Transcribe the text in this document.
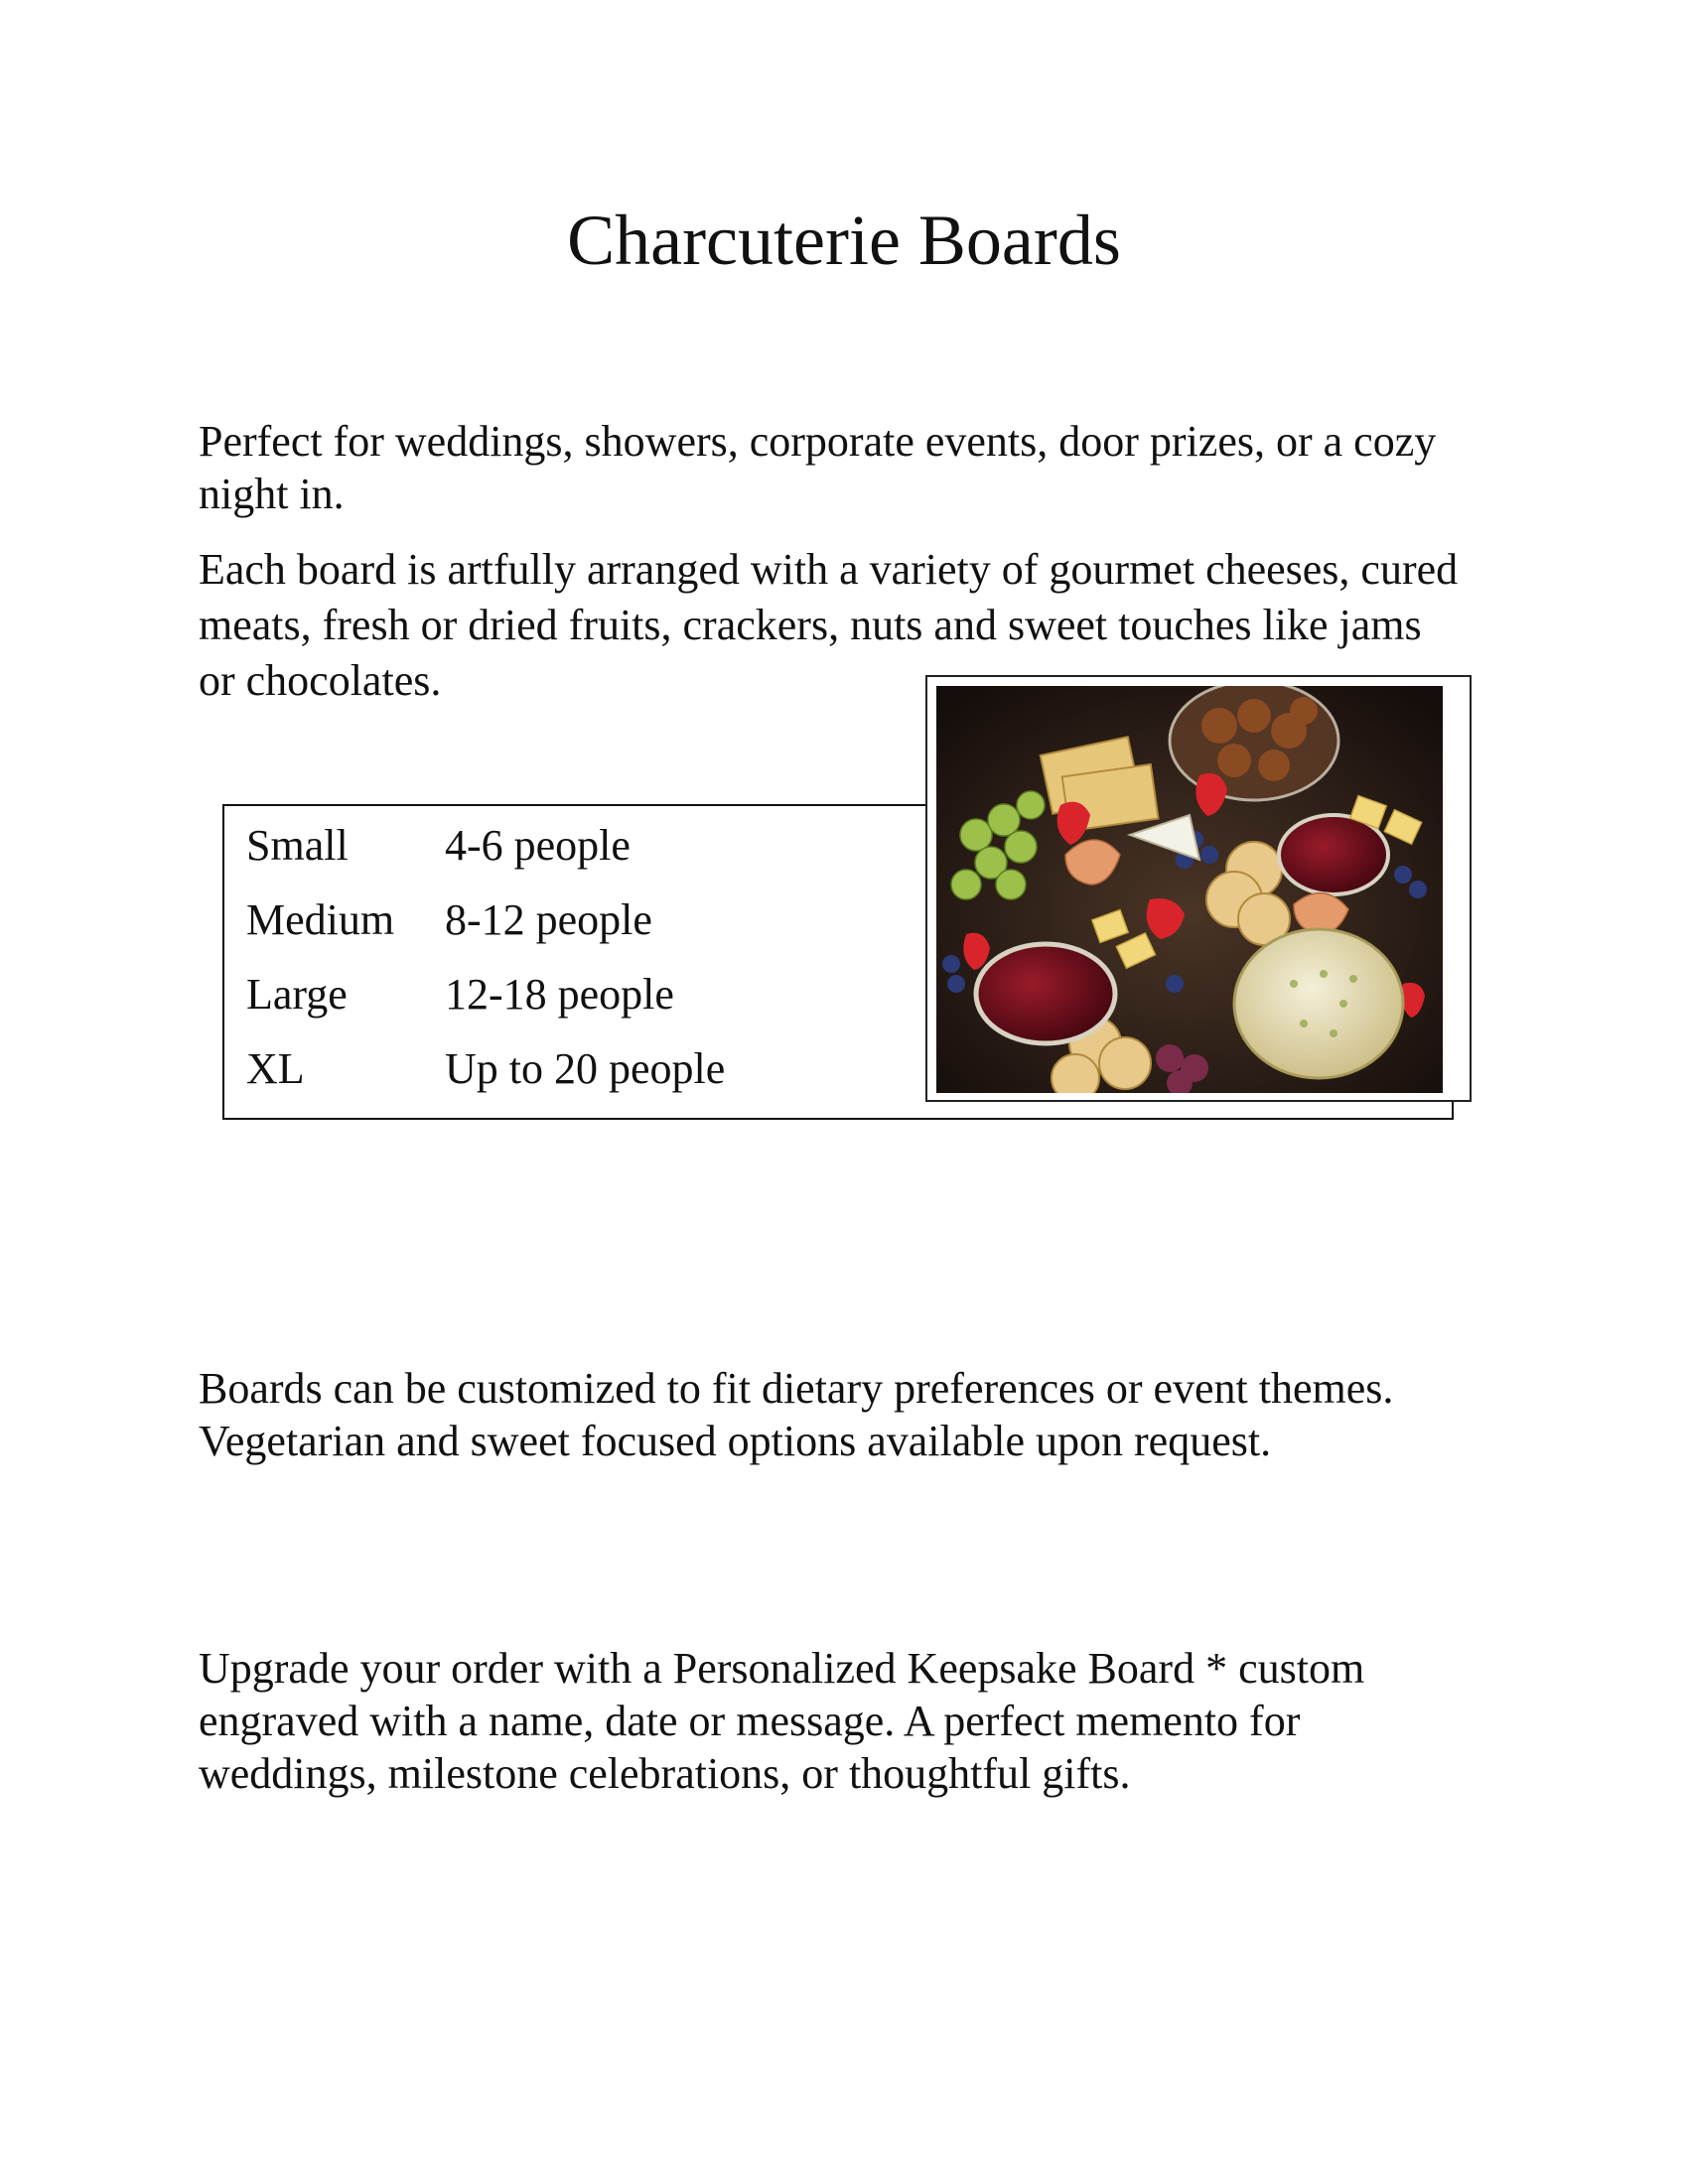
Charcuterie Boards

Perfect for weddings, showers, corporate events, door prizes, or a cozy night in.

Each board is artfully arranged with a variety of gourmet cheeses, cured meats, fresh or dried fruits, crackers, nuts and sweet touches like jams or chocolates.

Small 4-6 people
Medium 8-12 people
Large 12-18 people
XL	Up to 20 people

Boards can be customized to fit dietary preferences or event themes. Vegetarian and sweet focused options available upon request.

Upgrade your order with a Personalized Keepsake Board * custom engraved with a name, date or message. A perfect memento for weddings, milestone celebrations, or thoughtful gifts.
